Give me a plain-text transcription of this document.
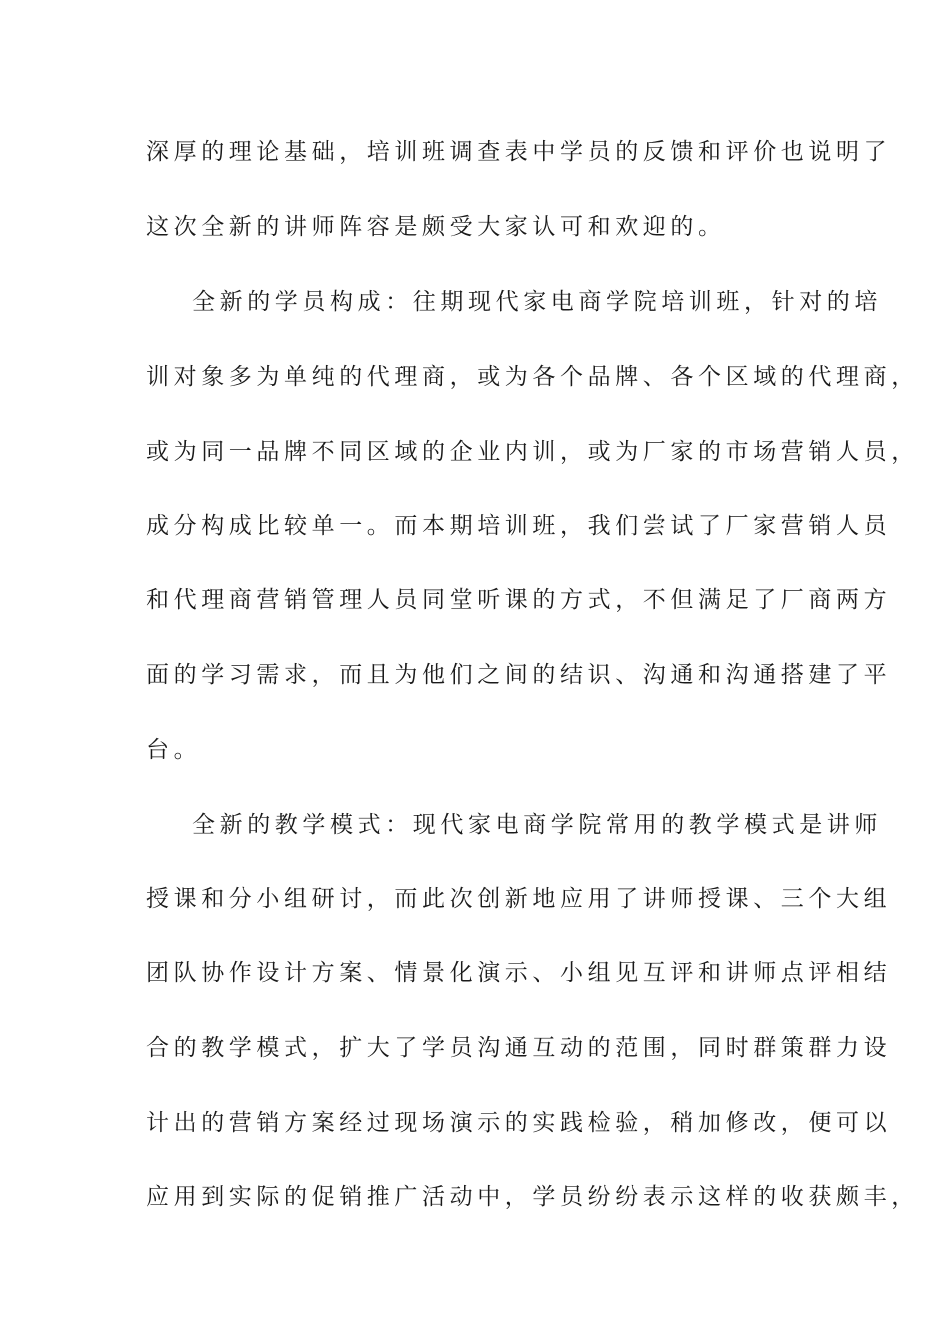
深厚的理论基础，培训班调查表中学员的反馈和评价也说明了

这次全新的讲师阵容是颇受大家认可和欢迎的。

全新的学员构成：往期现代家电商学院培训班，针对的培

训对象多为单纯的代理商，或为各个品牌、各个区域的代理商，

或为同一品牌不同区域的企业内训，或为厂家的市场营销人员，

成分构成比较单一。而本期培训班，我们尝试了厂家营销人员

和代理商营销管理人员同堂听课的方式，不但满足了厂商两方

面的学习需求，而且为他们之间的结识、沟通和沟通搭建了平

台。

全新的教学模式：现代家电商学院常用的教学模式是讲师

授课和分小组研讨，而此次创新地应用了讲师授课、三个大组

团队协作设计方案、情景化演示、小组见互评和讲师点评相结

合的教学模式，扩大了学员沟通互动的范围，同时群策群力设

计出的营销方案经过现场演示的实践检验，稍加修改，便可以

应用到实际的促销推广活动中，学员纷纷表示这样的收获颇丰，
